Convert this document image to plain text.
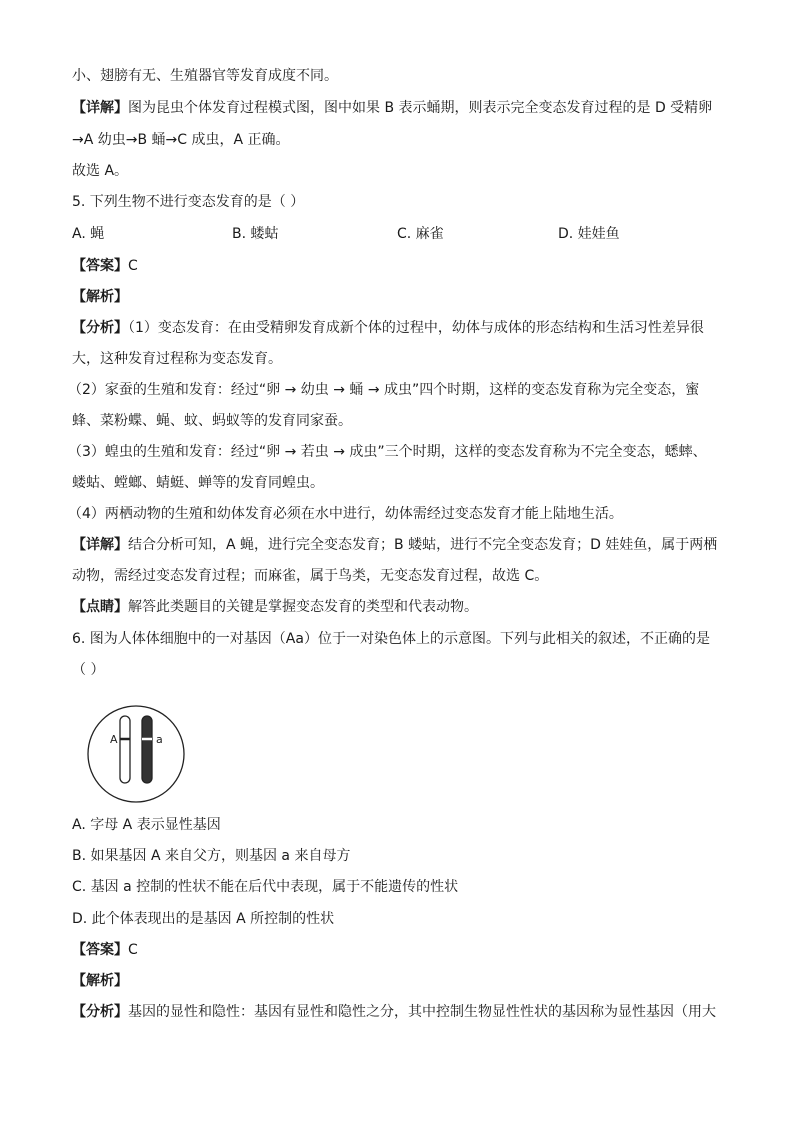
小、翅膀有无、生殖器官等发育成度不同。
【详解】图为昆虫个体发育过程模式图，图中如果 B 表示蛹期，则表示完全变态发育过程的是 D 受精卵
→A 幼虫→B 蛹→C 成虫，A 正确。
故选 A。
5. 下列生物不进行变态发育的是（ ）
A. 蝇	B. 蝼蛄	C. 麻雀	D. 娃娃鱼
【答案】C
【解析】
【分析】（1）变态发育：在由受精卵发育成新个体的过程中，幼体与成体的形态结构和生活习性差异很
大，这种发育过程称为变态发育。
（2）家蚕的生殖和发育：经过“卵 → 幼虫 → 蛹 → 成虫”四个时期，这样的变态发育称为完全变态，蜜
蜂、菜粉蝶、蝇、蚊、蚂蚁等的发育同家蚕。
（3）蝗虫的生殖和发育：经过“卵 → 若虫 → 成虫”三个时期，这样的变态发育称为不完全变态，蟋蟀、
蝼蛄、螳螂、蜻蜓、蝉等的发育同蝗虫。
（4）两栖动物的生殖和幼体发育必须在水中进行，幼体需经过变态发育才能上陆地生活。
【详解】结合分析可知，A 蝇，进行完全变态发育；B 蝼蛄，进行不完全变态发育；D 娃娃鱼，属于两栖
动物，需经过变态发育过程；而麻雀，属于鸟类，无变态发育过程，故选 C。
【点睛】解答此类题目的关键是掌握变态发育的类型和代表动物。
6. 图为人体体细胞中的一对基因（Aa）位于一对染色体上的示意图。下列与此相关的叙述，不正确的是
（ ）
A	a
A. 字母 A 表示显性基因
B. 如果基因 A 来自父方，则基因 a 来自母方
C. 基因 a 控制的性状不能在后代中表现，属于不能遗传的性状
D. 此个体表现出的是基因 A 所控制的性状
【答案】C
【解析】
【分析】基因的显性和隐性：基因有显性和隐性之分，其中控制生物显性性状的基因称为显性基因（用大
